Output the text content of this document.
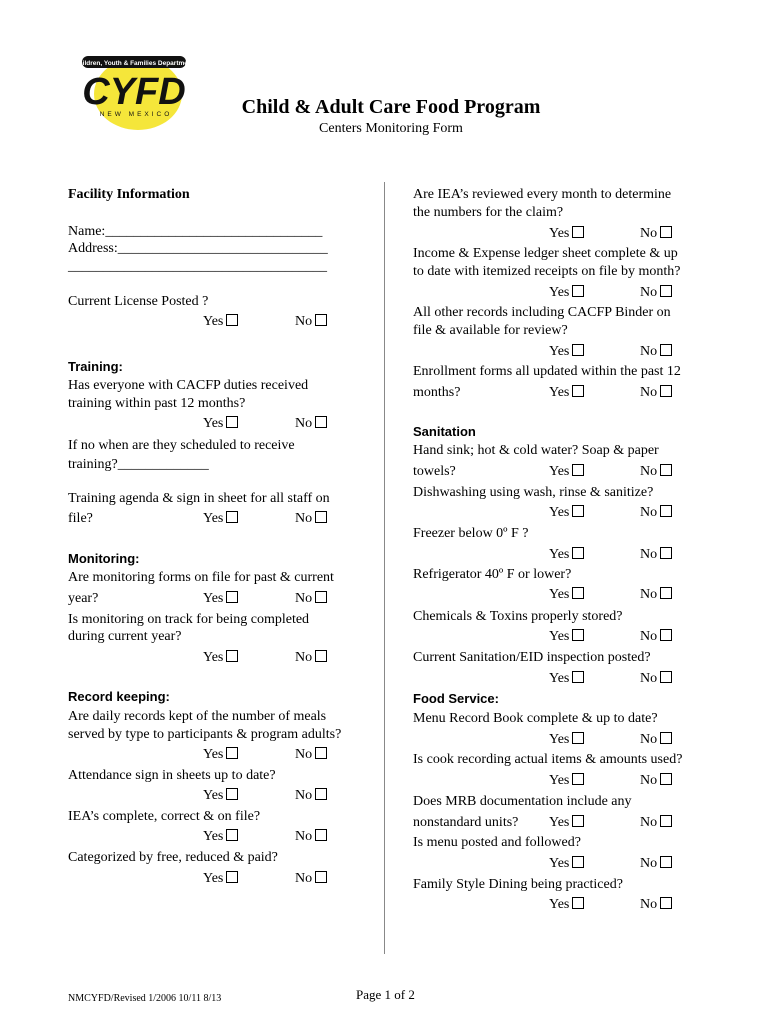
Children, Youth & Families Department
CYFD
NEW MEXICO	Child & Adult Care Food Program
Centers Monitoring Form
Facility Information
Name:_______________________________
Address:______________________________
_____________________________________
Current License Posted ?
Yes	No
Training:
Has everyone with CACFP duties received
training within past 12 months?
Yes	No
If no when are they scheduled to receive
training?_____________
Training agenda & sign in sheet for all staff on
file?	Yes	No
Monitoring:
Are monitoring forms on file for past & current
year?	Yes	No
Is monitoring on track for being completed
during current year?
Yes	No
Record keeping:
Are daily records kept of the number of meals
served by type to participants & program adults?
Yes	No
Attendance sign in sheets up to date?
Yes	No
IEA’s complete, correct & on file?
Yes	No
Categorized by free, reduced & paid?
Yes	No
Are IEA’s reviewed every month to determine
the numbers for the claim?
Yes	No
Income & Expense ledger sheet complete & up
to date with itemized receipts on file by month?
Yes	No
All other records including CACFP Binder on
file & available for review?
Yes	No
Enrollment forms all updated within the past 12
months?	Yes	No
Sanitation
Hand sink; hot & cold water? Soap & paper
towels?	Yes	No
Dishwashing using wash, rinse & sanitize?
Yes	No
Freezer below 0º F ?
Yes	No
Refrigerator 40º F or lower?
Yes	No
Chemicals & Toxins properly stored?
Yes	No
Current Sanitation/EID inspection posted?
Yes	No
Food Service:
Menu Record Book complete & up to date?
Yes	No
Is cook recording actual items & amounts used?
Yes	No
Does MRB documentation include any
nonstandard units? Yes	No
Is menu posted and followed?
Yes	No
Family Style Dining being practiced?
Yes	No
NMCYFD/Revised 1/2006 10/11 8/13	Page 1 of 2
